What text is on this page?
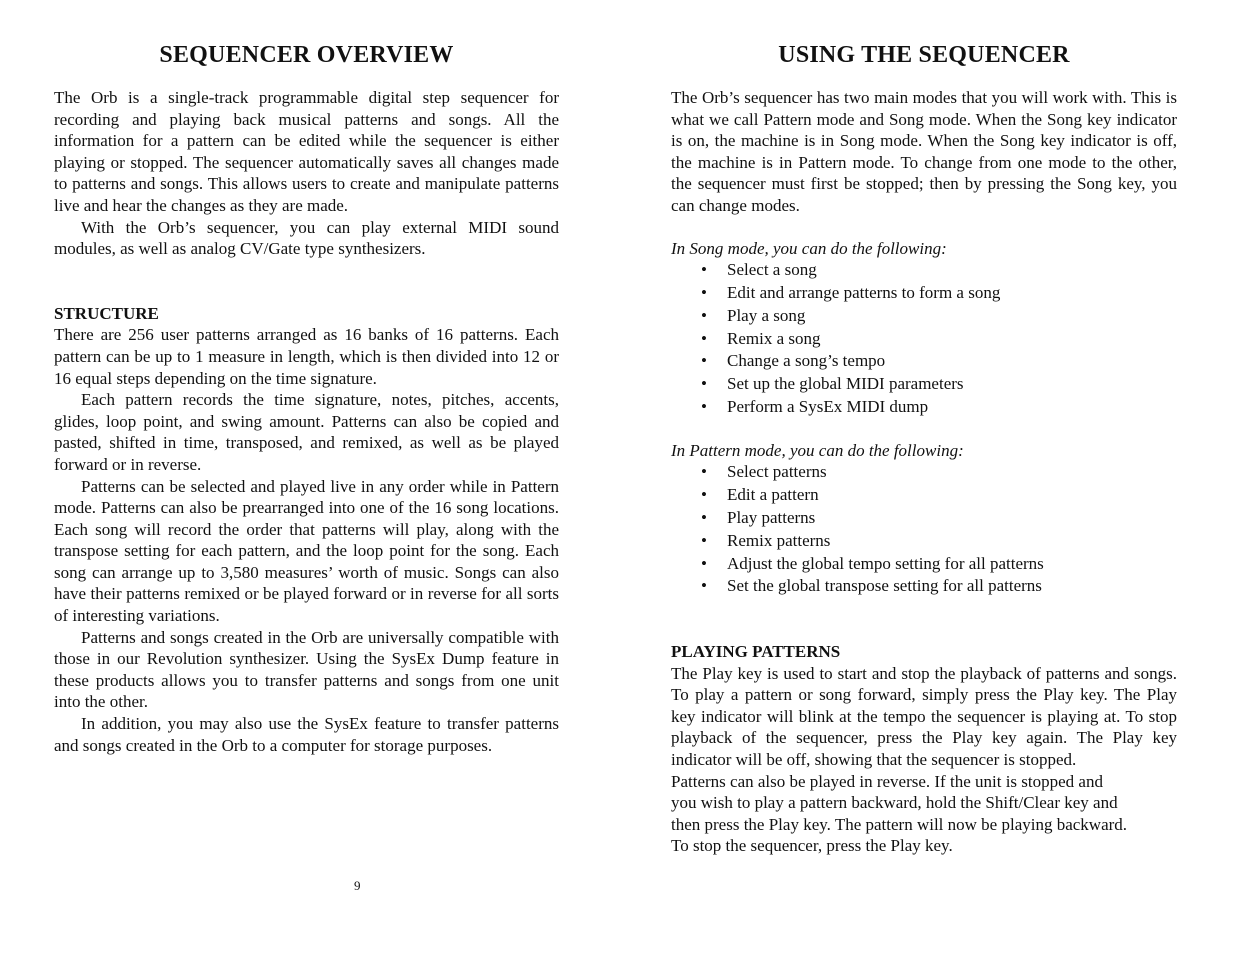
SEQUENCER OVERVIEW

The Orb is a single-track programmable digital step sequencer for recording and playing back musical patterns and songs. All the information for a pattern can be edited while the sequencer is either playing or stopped. The sequencer automatically saves all changes made to patterns and songs. This allows users to create and manipulate patterns live and hear the changes as they are made.

With the Orb’s sequencer, you can play external MIDI sound modules, as well as analog CV/Gate type synthesizers.

STRUCTURE

There are 256 user patterns arranged as 16 banks of 16 patterns. Each pattern can be up to 1 measure in length, which is then divided into 12 or 16 equal steps depending on the time signature.

Each pattern records the time signature, notes, pitches, accents, glides, loop point, and swing amount. Patterns can also be copied and pasted, shifted in time, transposed, and remixed, as well as be played forward or in reverse.

Patterns can be selected and played live in any order while in Pattern mode. Patterns can also be prearranged into one of the 16 song locations. Each song will record the order that patterns will play, along with the transpose setting for each pattern, and the loop point for the song. Each song can arrange up to 3,580 measures’ worth of music. Songs can also have their patterns remixed or be played forward or in reverse for all sorts of interesting variations.

Patterns and songs created in the Orb are universally compatible with those in our Revolution synthesizer. Using the SysEx Dump feature in these products allows you to transfer patterns and songs from one unit into the other.

In addition, you may also use the SysEx feature to transfer patterns and songs created in the Orb to a computer for storage purposes.

9
USING THE SEQUENCER

The Orb’s sequencer has two main modes that you will work with. This is what we call Pattern mode and Song mode. When the Song key indicator is on, the machine is in Song mode. When the Song key indicator is off, the machine is in Pattern mode. To change from one mode to the other, the sequencer must first be stopped; then by pressing the Song key, you can change modes.

In Song mode, you can do the following:

• Select a song
• Edit and arrange patterns to form a song
• Play a song
• Remix a song
• Change a song’s tempo
• Set up the global MIDI parameters
• Perform a SysEx MIDI dump

In Pattern mode, you can do the following:

• Select patterns
• Edit a pattern
• Play patterns
• Remix patterns
• Adjust the global tempo setting for all patterns
• Set the global transpose setting for all patterns
PLAYING PATTERNS

The Play key is used to start and stop the playback of patterns and songs. To play a pattern or song forward, simply press the Play key. The Play key indicator will blink at the tempo the sequencer is playing at. To stop playback of the sequencer, press the Play key again. The Play key indicator will be off, showing that the sequencer is stopped.

Patterns can also be played in reverse. If the unit is stopped and

you wish to play a pattern backward, hold the Shift/Clear key and

then press the Play key. The pattern will now be playing backward.

To stop the sequencer, press the Play key.
